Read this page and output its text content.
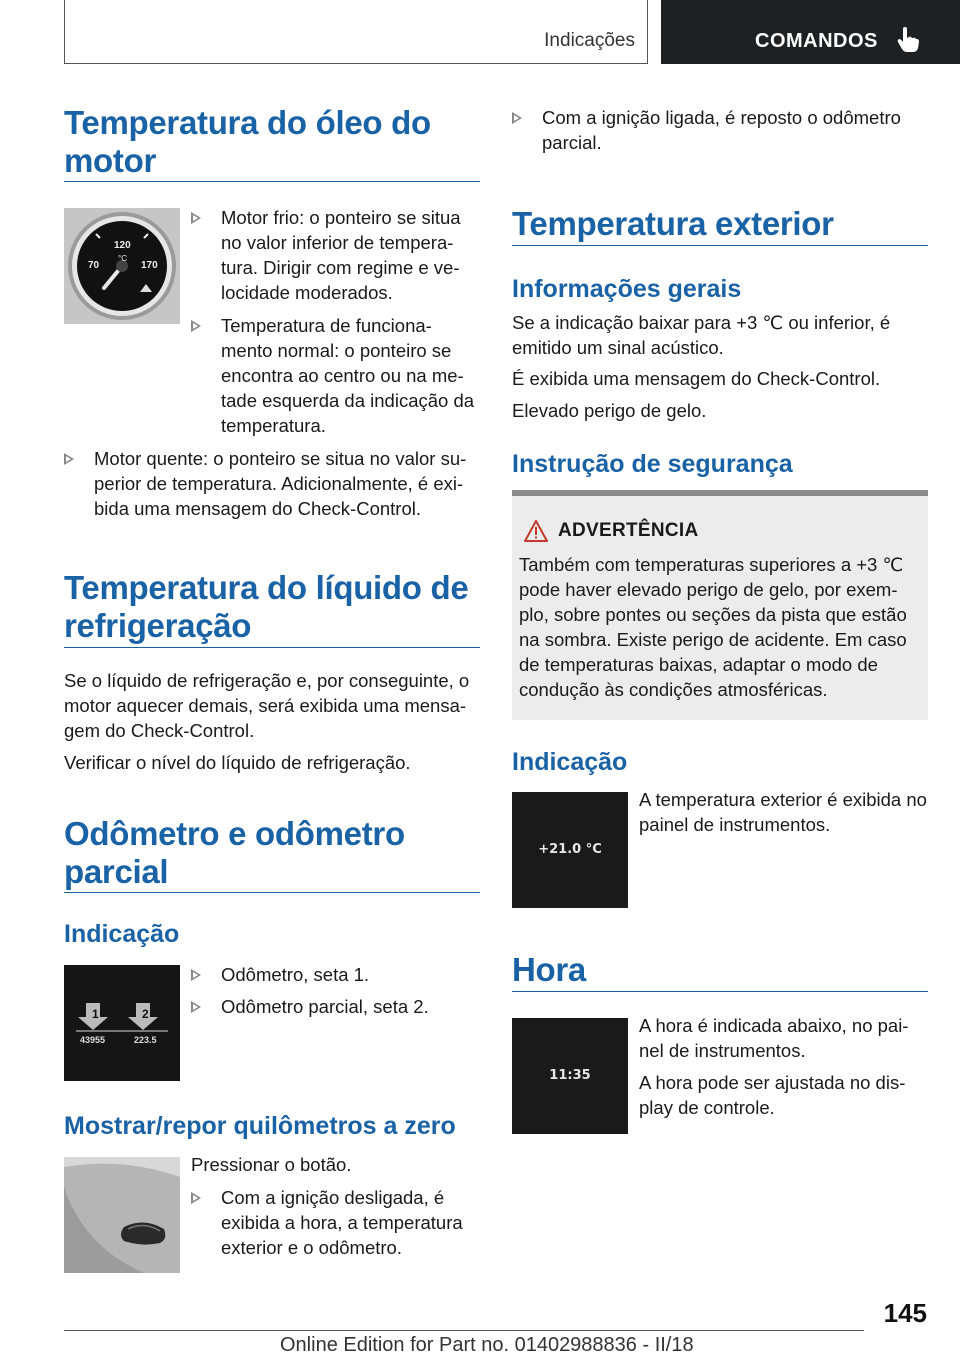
Indicações	COMANDOS
Temperatura do óleo do
motor
120
°C
70	170
Motor frio: o ponteiro se situa no valor inferior de tempera-tura. Dirigir com regime e ve-locidade moderados.
Temperatura de funciona-mento normal: o ponteiro se encontra ao centro ou na me-tade esquerda da indicação da temperatura.
Motor quente: o ponteiro se situa no valor su-perior de temperatura. Adicionalmente, é exi-bida uma mensagem do Check-Control.
Temperatura do líquido de
refrigeração
Se o líquido de refrigeração e, por conseguinte, o motor aquecer demais, será exibida uma mensa-gem do Check-Control.
Verificar o nível do líquido de refrigeração.
Odômetro e odômetro
parcial
Indicação
1	2
43955	223.5
Odômetro, seta 1.
Odômetro parcial, seta 2.
Mostrar/repor quilômetros a zero
Pressionar o botão.
Com a ignição desligada, é exibida a hora, a temperatura exterior e o odômetro.
Com a ignição ligada, é reposto o odômetro parcial.
Temperatura exterior
Informações gerais
Se a indicação baixar para +3 ℃ ou inferior, é emitido um sinal acústico.
É exibida uma mensagem do Check-Control.
Elevado perigo de gelo.
Instrução de segurança
ADVERTÊNCIA
Também com temperaturas superiores a +3 ℃ pode haver elevado perigo de gelo, por exem-plo, sobre pontes ou seções da pista que estão na sombra. Existe perigo de acidente. Em caso de temperaturas baixas, adaptar o modo de condução às condições atmosféricas.
Indicação
+21.0 °C
A temperatura exterior é exibida no painel de instrumentos.
Hora
11:35
A hora é indicada abaixo, no pai-nel de instrumentos.
A hora pode ser ajustada no dis-play de controle.
145
Online Edition for Part no. 01402988836 - II/18
